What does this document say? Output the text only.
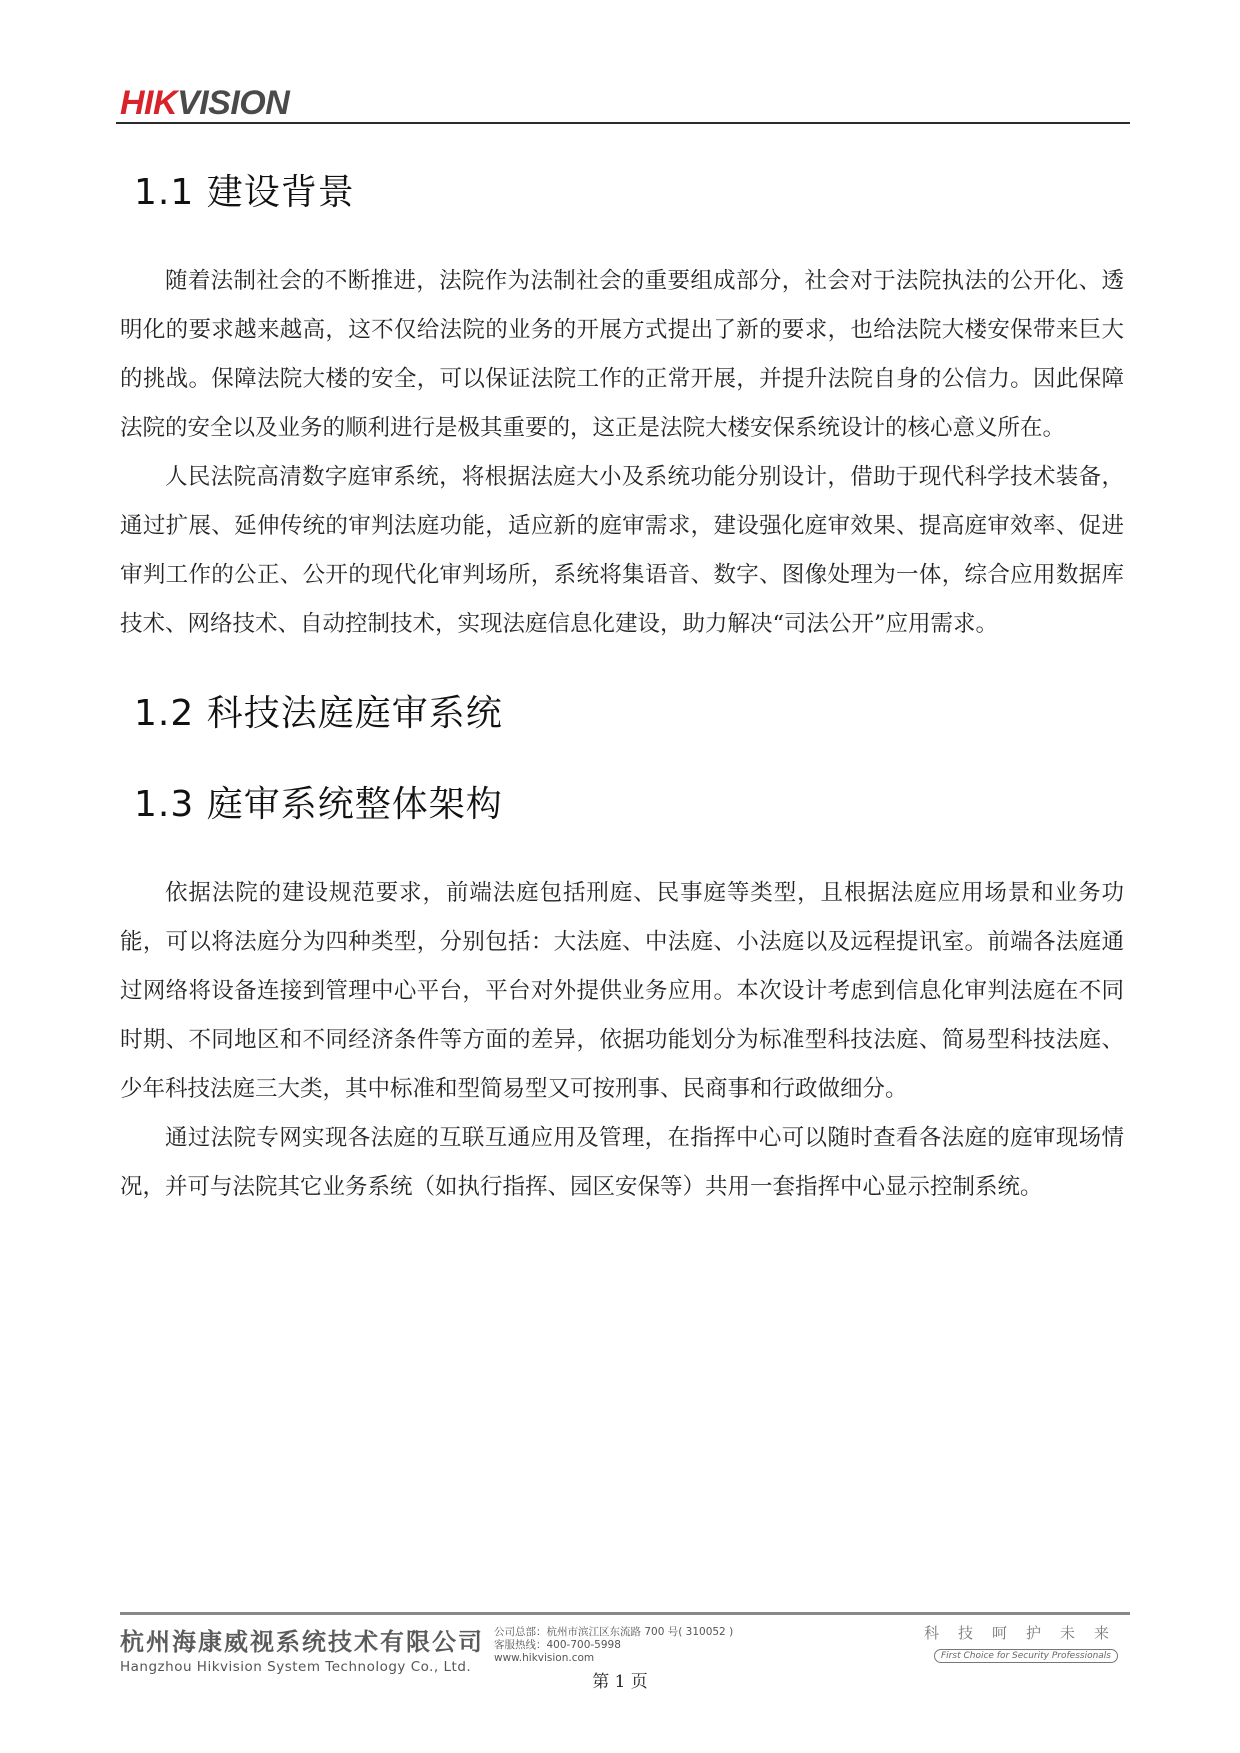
HIKVISION
1.1 建设背景

随着法制社会的不断推进，法院作为法制社会的重要组成部分，社会对于法院执法的公开化、透明化的要求越来越高，这不仅给法院的业务的开展方式提出了新的要求，也给法院大楼安保带来巨大的挑战。保障法院大楼的安全，可以保证法院工作的正常开展，并提升法院自身的公信力。因此保障法院的安全以及业务的顺利进行是极其重要的，这正是法院大楼安保系统设计的核心意义所在。

人民法院高清数字庭审系统，将根据法庭大小及系统功能分别设计，借助于现代科学技术装备，通过扩展、延伸传统的审判法庭功能，适应新的庭审需求，建设强化庭审效果、提高庭审效率、促进审判工作的公正、公开的现代化审判场所，系统将集语音、数字、图像处理为一体，综合应用数据库技术、网络技术、自动控制技术，实现法庭信息化建设，助力解决“司法公开”应用需求。

1.2 科技法庭庭审系统
1.3 庭审系统整体架构

依据法院的建设规范要求，前端法庭包括刑庭、民事庭等类型，且根据法庭应用场景和业务功能，可以将法庭分为四种类型，分别包括：大法庭、中法庭、小法庭以及远程提讯室。前端各法庭通过网络将设备连接到管理中心平台，平台对外提供业务应用。本次设计考虑到信息化审判法庭在不同时期、不同地区和不同经济条件等方面的差异，依据功能划分为标准型科技法庭、简易型科技法庭、少年科技法庭三大类，其中标准和型简易型又可按刑事、民商事和行政做细分。

通过法院专网实现各法庭的互联互通应用及管理，在指挥中心可以随时查看各法庭的庭审现场情况，并可与法院其它业务系统（如执行指挥、园区安保等）共用一套指挥中心显示控制系统。

杭州海康威视系统技术有限公司
Hangzhou Hikvision System Technology Co., Ltd.
公司总部：杭州市滨江区东流路 700 号( 310052 )
客服热线：400-700-5998
www.hikvision.com
科技呵护未来
First Choice for Security Professionals
第 1 页
